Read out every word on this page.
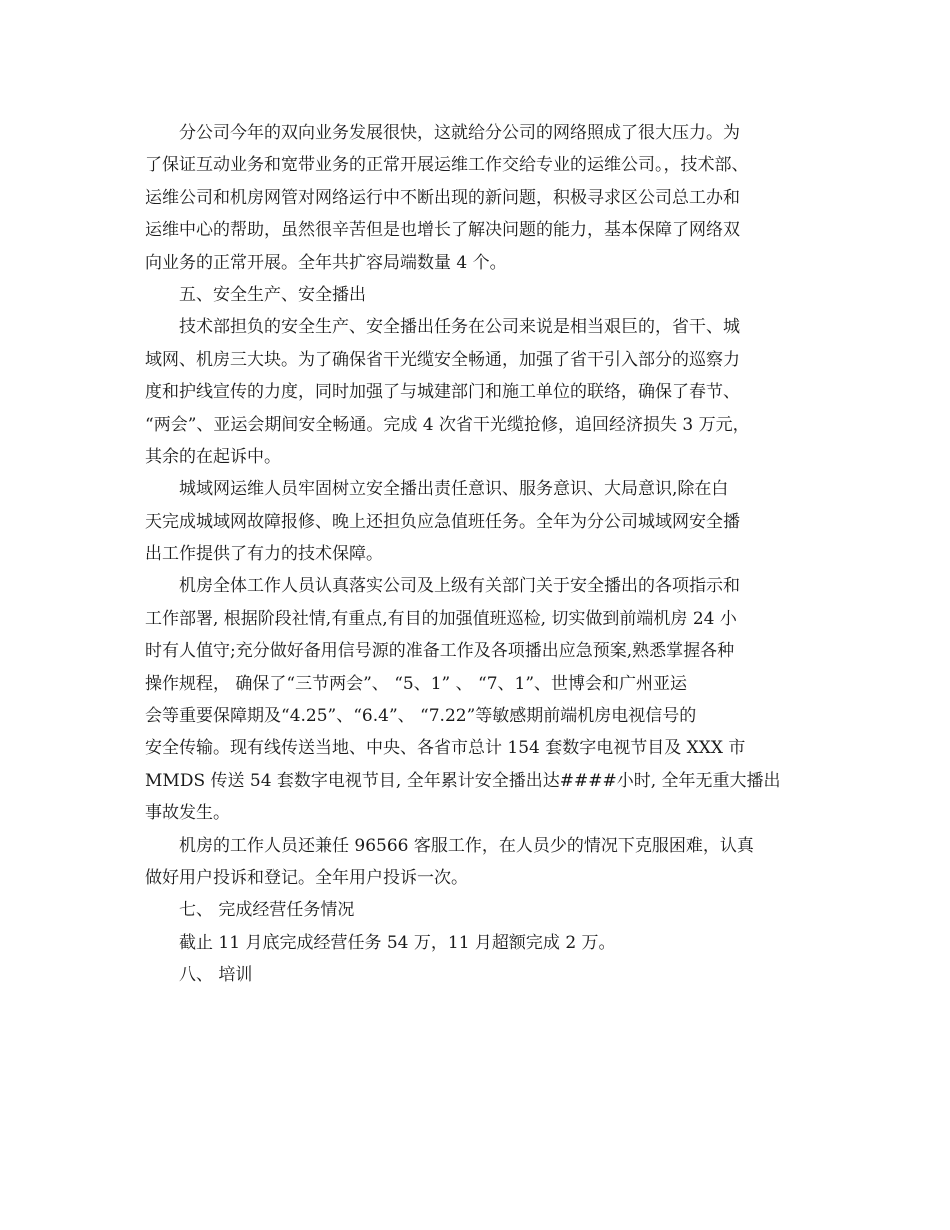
分公司今年的双向业务发展很快，这就给分公司的网络照成了很大压力。为
了保证互动业务和宽带业务的正常开展运维工作交给专业的运维公司。，技术部、
运维公司和机房网管对网络运行中不断出现的新问题，积极寻求区公司总工办和
运维中心的帮助，虽然很辛苦但是也增长了解决问题的能力，基本保障了网络双
向业务的正常开展。全年共扩容局端数量 4 个。
五、安全生产、安全播出
技术部担负的安全生产、安全播出任务在公司来说是相当艰巨的，省干、城
域网、机房三大块。为了确保省干光缆安全畅通，加强了省干引入部分的巡察力
度和护线宣传的力度，同时加强了与城建部门和施工单位的联络，确保了春节、
“两会”、亚运会期间安全畅通。完成 4 次省干光缆抢修，追回经济损失 3 万元，
其余的在起诉中。
城域网运维人员牢固树立安全播出责任意识、服务意识、大局意识,除在白
天完成城域网故障报修、晚上还担负应急值班任务。全年为分公司城域网安全播
出工作提供了有力的技术保障。
机房全体工作人员认真落实公司及上级有关部门关于安全播出的各项指示和
工作部署, 根据阶段社情,有重点,有目的加强值班巡检, 切实做到前端机房 24 小
时有人值守;充分做好备用信号源的准备工作及各项播出应急预案,熟悉掌握各种
操作规程， 确保了“三节两会”、 “5、1” 、 “7、1”、世博会和广州亚运
会等重要保障期及“4.25”、“6.4”、 “7.22”等敏感期前端机房电视信号的
安全传输。现有线传送当地、中央、各省市总计 154 套数字电视节目及 XXX 市
MMDS 传送 54 套数字电视节目, 全年累计安全播出达####小时, 全年无重大播出
事故发生。
机房的工作人员还兼任 96566 客服工作，在人员少的情况下克服困难，认真
做好用户投诉和登记。全年用户投诉一次。
七、 完成经营任务情况
截止 11 月底完成经营任务 54 万，11 月超额完成 2 万。
八、 培训
